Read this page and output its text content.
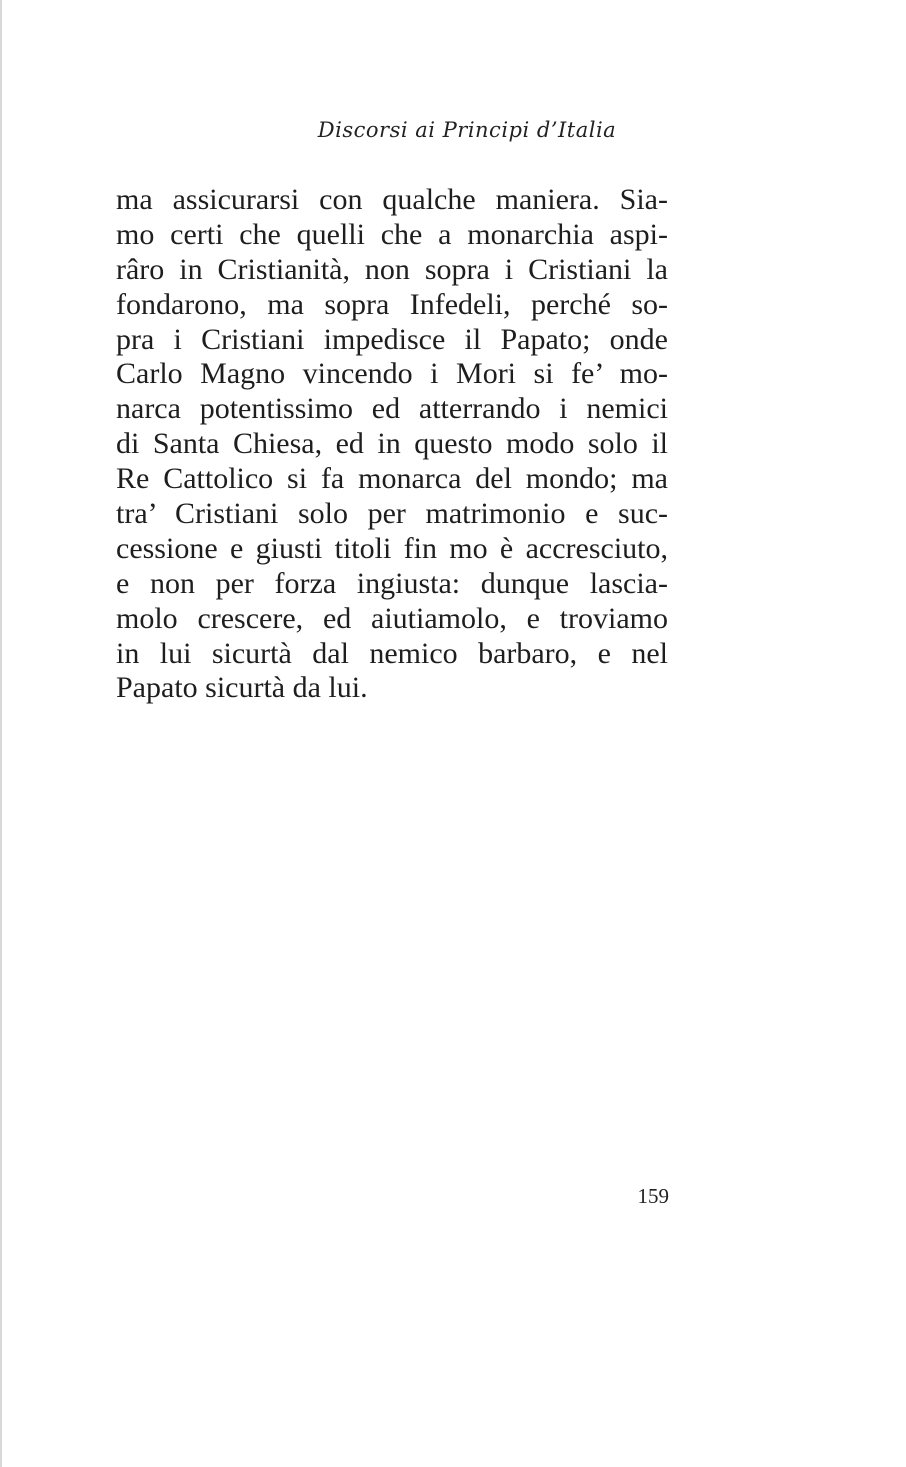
Discorsi ai Principi d’Italia
ma assicurarsi con qualche maniera. Sia-
mo certi che quelli che a monarchia aspi-
râro in Cristianità, non sopra i Cristiani la
fondarono, ma sopra Infedeli, perché so-
pra i Cristiani impedisce il Papato; onde
Carlo Magno vincendo i Mori si fe’ mo-
narca potentissimo ed atterrando i nemici
di Santa Chiesa, ed in questo modo solo il
Re Cattolico si fa monarca del mondo; ma
tra’ Cristiani solo per matrimonio e suc-
cessione e giusti titoli fin mo è accresciuto,
e non per forza ingiusta: dunque lascia-
molo crescere, ed aiutiamolo, e troviamo
in lui sicurtà dal nemico barbaro, e nel
Papato sicurtà da lui.
159
